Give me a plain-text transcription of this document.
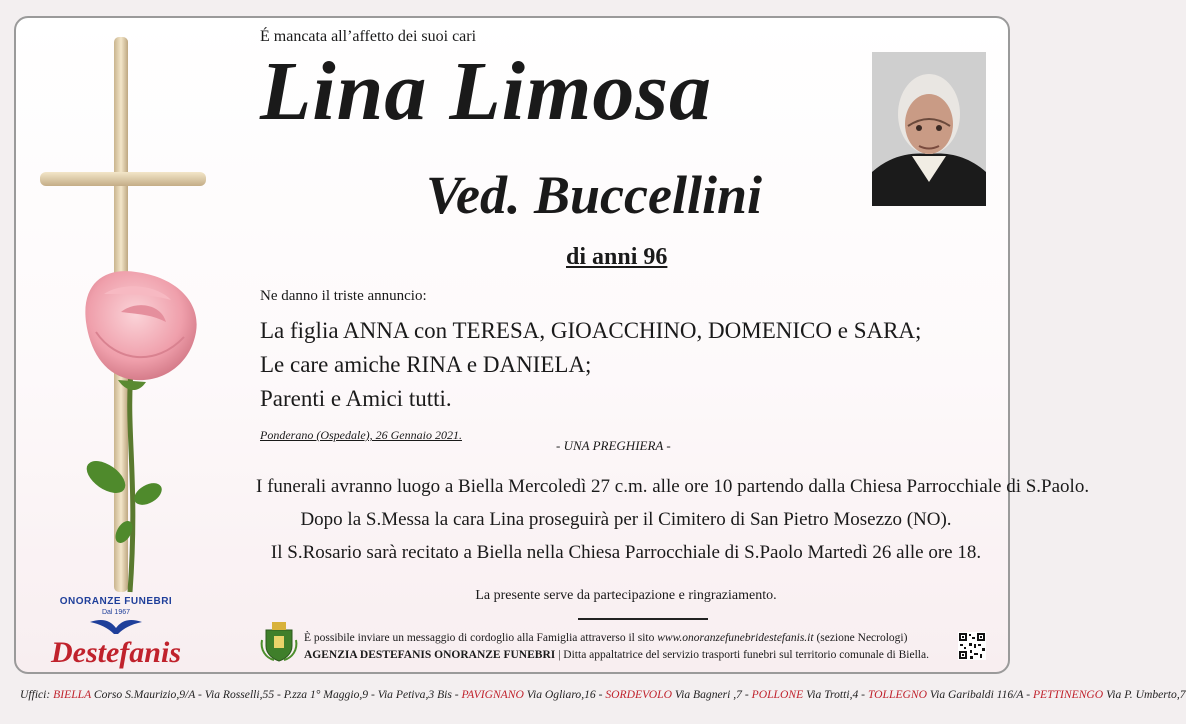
É mancata all’affetto dei suoi cari
Lina Limosa
Ved. Buccellini
di anni 96
Ne danno il triste annuncio:
La figlia ANNA con TERESA, GIOACCHINO, DOMENICO e SARA;
Le care amiche RINA e DANIELA;
Parenti e Amici tutti.
Ponderano (Ospedale), 26 Gennaio 2021.
- UNA PREGHIERA -
I funerali avranno luogo a Biella Mercoledì 27 c.m. alle ore 10 partendo dalla Chiesa Parrocchiale di S.Paolo.
Dopo la S.Messa la cara Lina proseguirà per il Cimitero di San Pietro Mosezzo (NO).
Il S.Rosario sarà recitato a Biella nella Chiesa Parrocchiale di S.Paolo Martedì 26 alle ore 18.
La presente serve da partecipazione e ringraziamento.
ONORANZE FUNEBRI
Dal 1967
Destefanis	È possibile inviare un messaggio di cordoglio alla Famiglia attraverso il sito www.onoranzefunebridestefanis.it (sezione Necrologi)
AGENZIA DESTEFANIS ONORANZE FUNEBRI | Ditta appaltatrice del servizio trasporti funebri sul territorio comunale di Biella.
Uffici: BIELLA Corso S.Maurizio,9/A - Via Rosselli,55 - P.zza 1° Maggio,9 - Via Petiva,3 Bis - PAVIGNANO Via Ogliaro,16 - SORDEVOLO Via Bagneri ,7 - POLLONE Via Trotti,4 - TOLLEGNO Via Garibaldi 116/A - PETTINENGO Via P. Umberto,7
